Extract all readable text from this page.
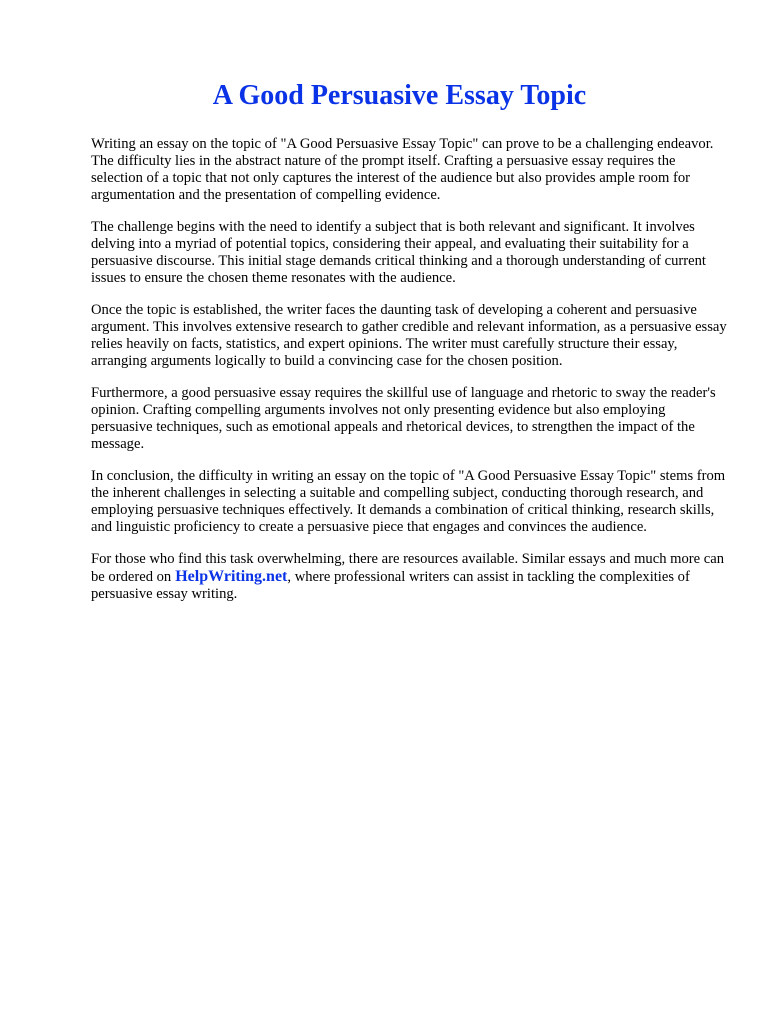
A Good Persuasive Essay Topic

Writing an essay on the topic of "A Good Persuasive Essay Topic" can prove to be a challenging endeavor. The difficulty lies in the abstract nature of the prompt itself. Crafting a persuasive essay requires the selection of a topic that not only captures the interest of the audience but also provides ample room for argumentation and the presentation of compelling evidence.

The challenge begins with the need to identify a subject that is both relevant and significant. It involves delving into a myriad of potential topics, considering their appeal, and evaluating their suitability for a persuasive discourse. This initial stage demands critical thinking and a thorough understanding of current issues to ensure the chosen theme resonates with the audience.

Once the topic is established, the writer faces the daunting task of developing a coherent and persuasive argument. This involves extensive research to gather credible and relevant information, as a persuasive essay relies heavily on facts, statistics, and expert opinions. The writer must carefully structure their essay, arranging arguments logically to build a convincing case for the chosen position.

Furthermore, a good persuasive essay requires the skillful use of language and rhetoric to sway the reader's opinion. Crafting compelling arguments involves not only presenting evidence but also employing persuasive techniques, such as emotional appeals and rhetorical devices, to strengthen the impact of the message.

In conclusion, the difficulty in writing an essay on the topic of "A Good Persuasive Essay Topic" stems from the inherent challenges in selecting a suitable and compelling subject, conducting thorough research, and employing persuasive techniques effectively. It demands a combination of critical thinking, research skills, and linguistic proficiency to create a persuasive piece that engages and convinces the audience.

For those who find this task overwhelming, there are resources available. Similar essays and much more can be ordered on HelpWriting.net, where professional writers can assist in tackling the complexities of persuasive essay writing.
